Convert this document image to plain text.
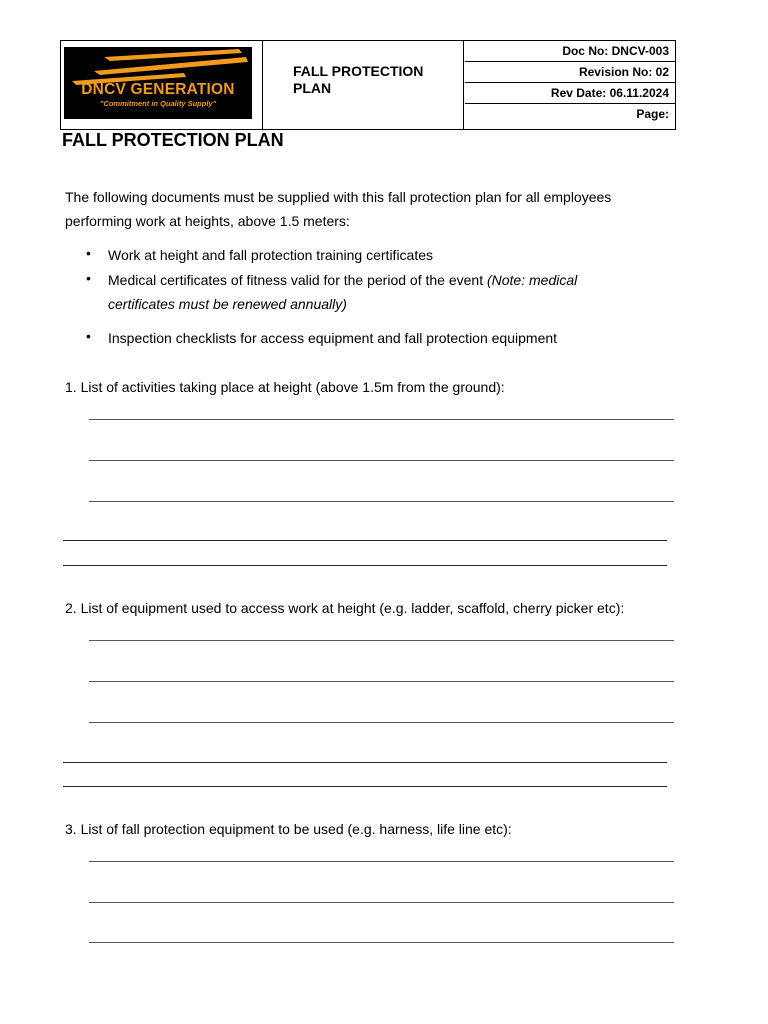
DNCV GENERATION
"Commitment in Quality Supply"
FALL PROTECTION
PLAN
Doc No: DNCV-003
Revision No: 02
Rev Date: 06.11.2024
Page:
FALL PROTECTION PLAN
The following documents must be supplied with this fall protection plan for all employees
performing work at heights, above 1.5 meters:
• Work at height and fall protection training certificates
• Medical certificates of fitness valid for the period of the event (Note: medical
certificates must be renewed annually)
• Inspection checklists for access equipment and fall protection equipment
1. List of activities taking place at height (above 1.5m from the ground):
2. List of equipment used to access work at height (e.g. ladder, scaffold, cherry picker etc):
3. List of fall protection equipment to be used (e.g. harness, life line etc):
